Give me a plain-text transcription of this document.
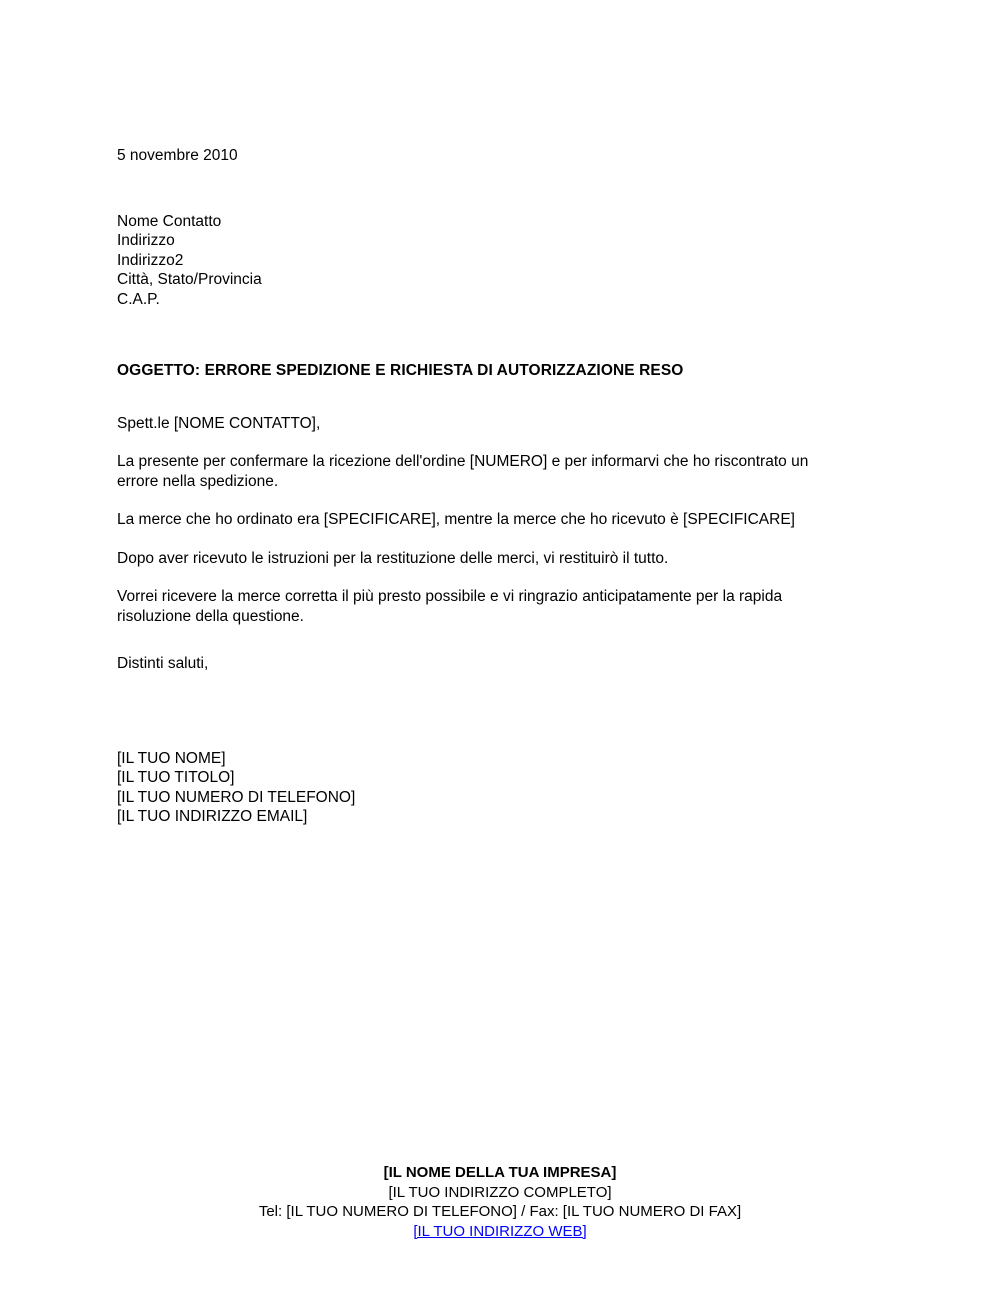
5 novembre 2010

Nome Contatto
Indirizzo
Indirizzo2
Città, Stato/Provincia
C.A.P.

OGGETTO: ERRORE SPEDIZIONE E RICHIESTA DI AUTORIZZAZIONE RESO

Spett.le [NOME CONTATTO],

La presente per confermare la ricezione dell'ordine [NUMERO] e per informarvi che ho riscontrato un errore nella spedizione.

La merce che ho ordinato era [SPECIFICARE], mentre la merce che ho ricevuto è [SPECIFICARE]

Dopo aver ricevuto le istruzioni per la restituzione delle merci, vi restituirò il tutto.

Vorrei ricevere la merce corretta il più presto possibile e vi ringrazio anticipatamente per la rapida risoluzione della questione.

Distinti saluti,

[IL TUO NOME]
[IL TUO TITOLO]
[IL TUO NUMERO DI TELEFONO]
[IL TUO INDIRIZZO EMAIL]

[IL NOME DELLA TUA IMPRESA]
[IL TUO INDIRIZZO COMPLETO]
Tel: [IL TUO NUMERO DI TELEFONO] / Fax: [IL TUO NUMERO DI FAX]
[IL TUO INDIRIZZO WEB]
